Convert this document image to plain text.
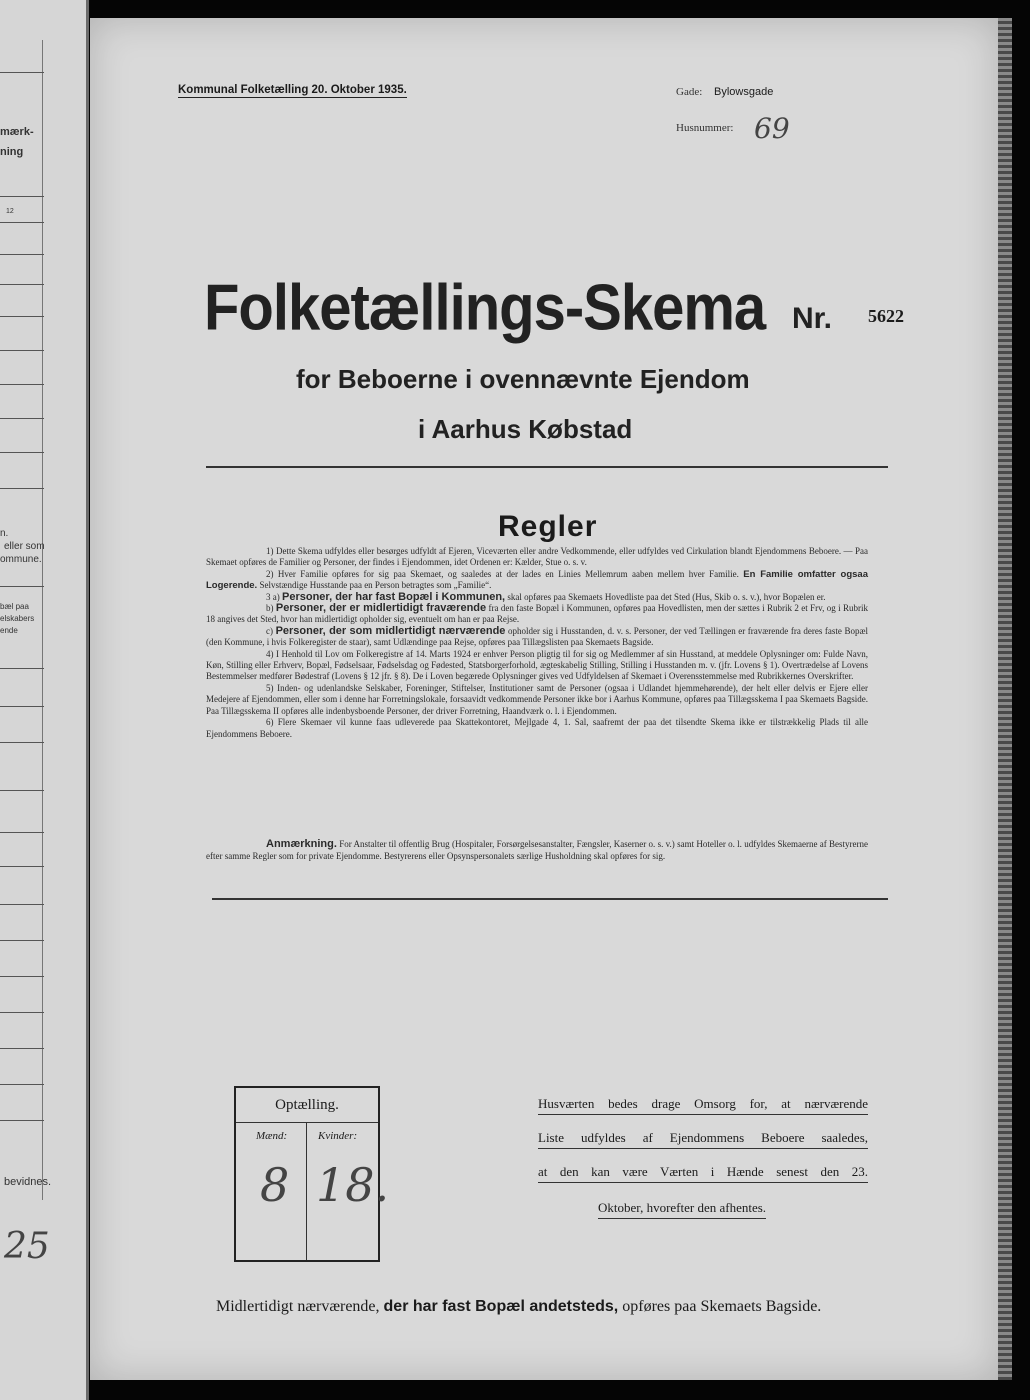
mærk-
ning
12
n.
eller som
ommune.
bæl paa
elskabers
ende
bevidnes.
25
Kommunal Folketælling 20. Oktober 1935.	Gade: Bylowsgade
Husnummer: 69
Folketællings-Skema Nr. 5622
for Beboerne i ovennævnte Ejendom
i Aarhus Købstad
Regler

1) Dette Skema udfyldes eller besørges udfyldt af Ejeren, Viceværten eller andre Vedkommende, eller udfyldes ved Cirkulation blandt Ejendommens Beboere. — Paa Skemaet opføres de Familier og Personer, der findes i Ejendommen, idet Ordenen er: Kælder, Stue o. s. v.

2) Hver Familie opføres for sig paa Skemaet, og saaledes at der lades en Linies Mellemrum aaben mellem hver Familie. En Familie omfatter ogsaa Logerende. Selvstændige Husstande paa en Person betragtes som „Familie“.

3 a) Personer, der har fast Bopæl i Kommunen, skal opføres paa Skemaets Hovedliste paa det Sted (Hus, Skib o. s. v.), hvor Bopælen er.

b) Personer, der er midlertidigt fraværende fra den faste Bopæl i Kommunen, opføres paa Hovedlisten, men der sættes i Rubrik 2 et Frv, og i Rubrik 18 angives det Sted, hvor han midlertidigt opholder sig, eventuelt om han er paa Rejse.

c) Personer, der som midlertidigt nærværende opholder sig i Husstanden, d. v. s. Personer, der ved Tællingen er fraværende fra deres faste Bopæl (den Kommune, i hvis Folkeregister de staar), samt Udlændinge paa Rejse, opføres paa Tillægslisten paa Skemaets Bagside.

4) I Henhold til Lov om Folkeregistre af 14. Marts 1924 er enhver Person pligtig til for sig og Medlemmer af sin Husstand, at meddele Oplysninger om: Fulde Navn, Køn, Stilling eller Erhverv, Bopæl, Fødselsaar, Fødselsdag og Fødested, Statsborgerforhold, ægteskabelig Stilling, Stilling i Husstanden m. v. (jfr. Lovens § 1). Overtrædelse af Lovens Bestemmelser medfører Bødestraf (Lovens § 12 jfr. § 8). De i Loven begærede Oplysninger gives ved Udfyldelsen af Skemaet i Overensstemmelse med Rubrikkernes Overskrifter.

5) Inden- og udenlandske Selskaber, Foreninger, Stiftelser, Institutioner samt de Personer (ogsaa i Udlandet hjemmehørende), der helt eller delvis er Ejere eller Medejere af Ejendommen, eller som i denne har Forretningslokale, forsaavidt vedkommende Personer ikke bor i Aarhus Kommune, opføres paa Tillægsskema I paa Skemaets Bagside. Paa Tillægsskema II opføres alle indenbysboende Personer, der driver Forretning, Haandværk o. l. i Ejendommen.

6) Flere Skemaer vil kunne faas udleverede paa Skattekontoret, Mejlgade 4, 1. Sal, saafremt der paa det tilsendte Skema ikke er tilstrækkelig Plads til alle Ejendommens Beboere.

Anmærkning. For Anstalter til offentlig Brug (Hospitaler, Forsørgelsesanstalter, Fængsler, Kaserner o. s. v.) samt Hoteller o. l. udfyldes Skemaerne af Bestyrerne efter samme Regler som for private Ejendomme. Bestyrerens eller Opsynspersonalets særlige Husholdning skal opføres for sig.

Optælling.
Mænd:	Kvinder:
8 18.
Husværten bedes drage Omsorg for, at nærværende
Liste udfyldes af Ejendommens Beboere saaledes,
at den kan være Værten i Hænde senest den 23.
Oktober, hvorefter den afhentes.
Midlertidigt nærværende, der har fast Bopæl andetsteds, opføres paa Skemaets Bagside.
